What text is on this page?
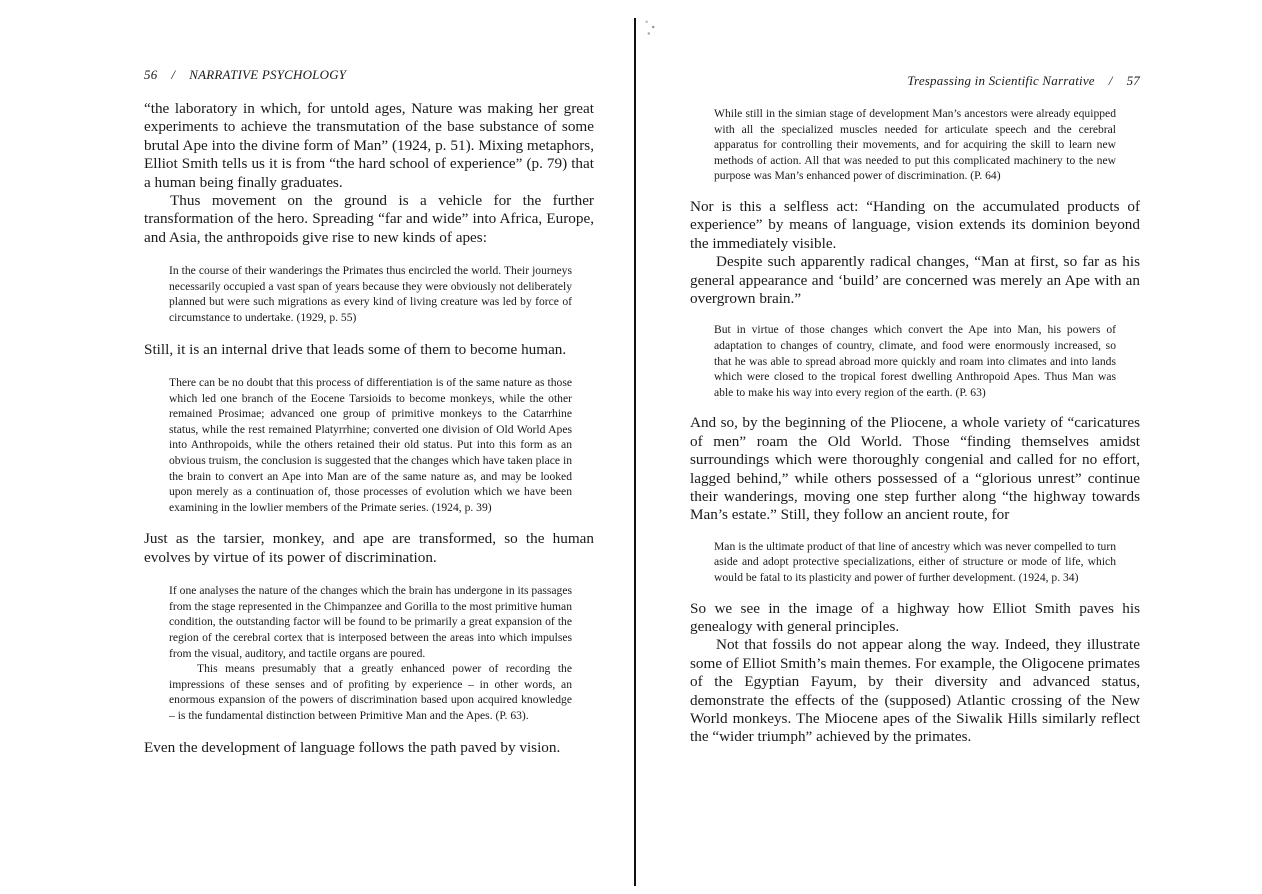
56 / NARRATIVE PSYCHOLOGY

“the laboratory in which, for untold ages, Nature was making her great experiments to achieve the transmutation of the base substance of some brutal Ape into the divine form of Man” (1924, p. 51). Mixing metaphors, Elliot Smith tells us it is from “the hard school of experience” (p. 79) that a human being finally graduates.

Thus movement on the ground is a vehicle for the further transformation of the hero. Spreading “far and wide” into Africa, Europe, and Asia, the anthropoids give rise to new kinds of apes:

In the course of their wanderings the Primates thus encircled the world. Their journeys necessarily occupied a vast span of years because they were obviously not deliberately planned but were such migrations as every kind of living creature was led by force of circumstance to undertake. (1929, p. 55)

Still, it is an internal drive that leads some of them to become human.

There can be no doubt that this process of differentiation is of the same nature as those which led one branch of the Eocene Tarsioids to become monkeys, while the other remained Prosimae; advanced one group of primitive monkeys to the Catarrhine status, while the rest remained Platyrrhine; converted one division of Old World Apes into Anthropoids, while the others retained their old status. Put into this form as an obvious truism, the conclusion is suggested that the changes which have taken place in the brain to convert an Ape into Man are of the same nature as, and may be looked upon merely as a continuation of, those processes of evolution which we have been examining in the lowlier members of the Primate series. (1924, p. 39)

Just as the tarsier, monkey, and ape are transformed, so the human evolves by virtue of its power of discrimination.

If one analyses the nature of the changes which the brain has undergone in its passages from the stage represented in the Chimpanzee and Gorilla to the most primitive human condition, the outstanding factor will be found to be primarily a great expansion of the region of the cerebral cortex that is interposed between the areas into which impulses from the visual, auditory, and tactile organs are poured.

This means presumably that a greatly enhanced power of recording the impressions of these senses and of profiting by experience – in other words, an enormous expansion of the powers of discrimination based upon acquired knowledge – is the fundamental distinction between Primitive Man and the Apes. (P. 63).

Even the development of language follows the path paved by vision.

Trespassing in Scientific Narrative / 57

While still in the simian stage of development Man’s ancestors were already equipped with all the specialized muscles needed for articulate speech and the cerebral apparatus for controlling their movements, and for acquiring the skill to learn new methods of action. All that was needed to put this complicated machinery to the new purpose was Man’s enhanced power of discrimination. (P. 64)

Nor is this a selfless act: “Handing on the accumulated products of experience” by means of language, vision extends its dominion beyond the immediately visible.

Despite such apparently radical changes, “Man at first, so far as his general appearance and ‘build’ are concerned was merely an Ape with an overgrown brain.”

But in virtue of those changes which convert the Ape into Man, his powers of adaptation to changes of country, climate, and food were enormously increased, so that he was able to spread abroad more quickly and roam into climates and into lands which were closed to the tropical forest dwelling Anthropoid Apes. Thus Man was able to make his way into every region of the earth. (P. 63)

And so, by the beginning of the Pliocene, a whole variety of “caricatures of men” roam the Old World. Those “finding themselves amidst surroundings which were thoroughly congenial and called for no effort, lagged behind,” while others possessed of a “glorious unrest” continue their wanderings, moving one step further along “the highway towards Man’s estate.” Still, they follow an ancient route, for

Man is the ultimate product of that line of ancestry which was never compelled to turn aside and adopt protective specializations, either of structure or mode of life, which would be fatal to its plasticity and power of further development. (1924, p. 34)

So we see in the image of a highway how Elliot Smith paves his genealogy with general principles.

Not that fossils do not appear along the way. Indeed, they illustrate some of Elliot Smith’s main themes. For example, the Oligocene primates of the Egyptian Fayum, by their diversity and advanced status, demonstrate the effects of the (supposed) Atlantic crossing of the New World monkeys. The Miocene apes of the Siwalik Hills similarly reflect the “wider triumph” achieved by the primates.
